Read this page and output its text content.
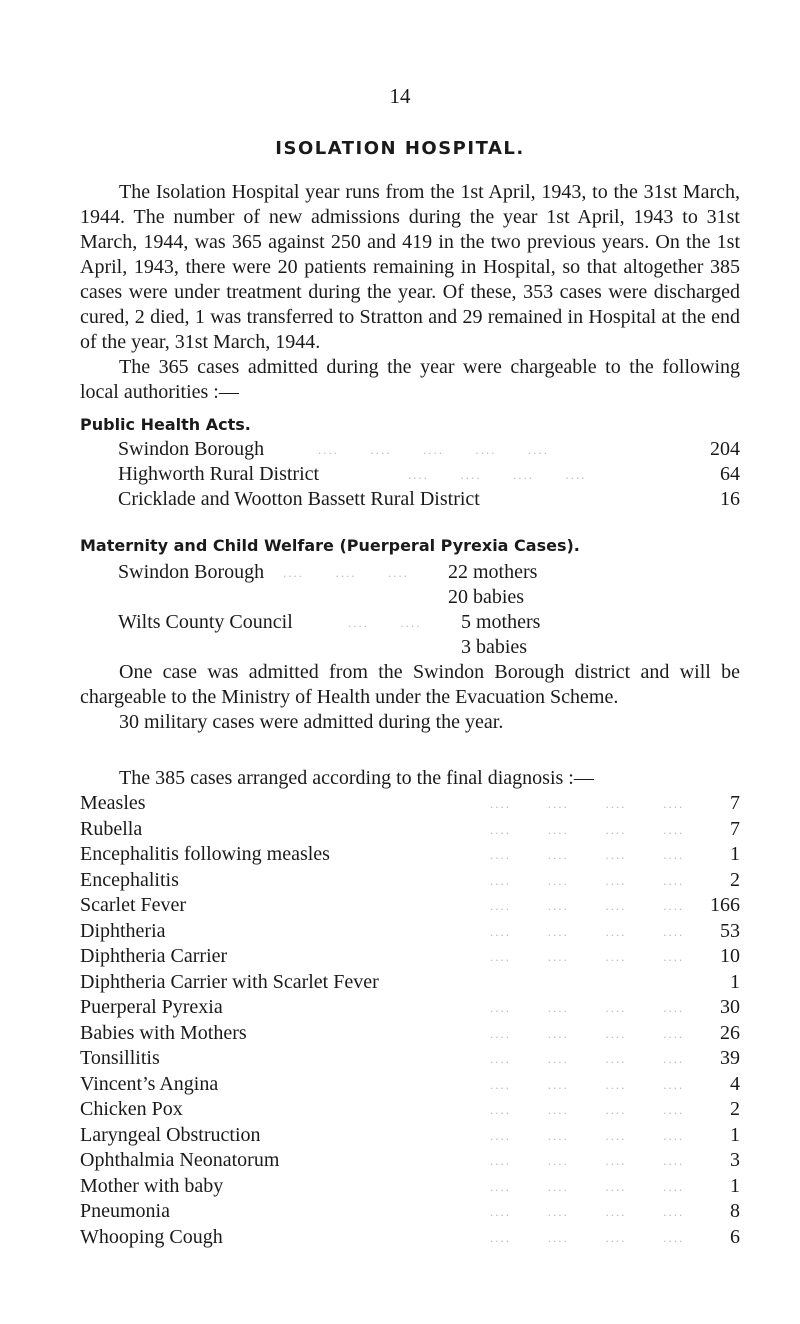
14
ISOLATION HOSPITAL.
The Isolation Hospital year runs from the 1st April, 1943, to the 31st March, 1944. The number of new admissions during the year 1st April, 1943 to 31st March, 1944, was 365 against 250 and 419 in the two previous years. On the 1st April, 1943, there were 20 patients remaining in Hospital, so that altogether 385 cases were under treatment during the year. Of these, 353 cases were discharged cured, 2 died, 1 was transferred to Stratton and 29 remained in Hospital at the end of the year, 31st March, 1944.
The 365 cases admitted during the year were chargeable to the following local authorities :—
Public Health Acts.
Swindon Borough	....      ....      ....      ....      ....	204
Highworth Rural District	....      ....      ....      ....	64
Cricklade and Wootton Bassett Rural District	16
Maternity and Child Welfare (Puerperal Pyrexia Cases).
Swindon Borough ....      ....      .... 22 mothers
20 babies
Wilts County Council	....      .... 5 mothers
3 babies
One case was admitted from the Swindon Borough district and will be chargeable to the Ministry of Health under the Evacuation Scheme.
30 military cases were admitted during the year.
The 385 cases arranged according to the final diagnosis :—
Measles	....       ....       ....       .... 7
Rubella	....       ....       ....       .... 7
Encephalitis following measles	....       ....       ....       .... 1
Encephalitis	....       ....       ....       .... 2
Scarlet Fever	....       ....       ....       .... 166
Diphtheria	....       ....       ....       .... 53
Diphtheria Carrier	....       ....       ....       .... 10
Diphtheria Carrier with Scarlet Fever	1
Puerperal Pyrexia	....       ....       ....       .... 30
Babies with Mothers	....       ....       ....       .... 26
Tonsillitis	....       ....       ....       .... 39
Vincent’s Angina	....       ....       ....       .... 4
Chicken Pox	....       ....       ....       .... 2
Laryngeal Obstruction	....       ....       ....       .... 1
Ophthalmia Neonatorum	....       ....       ....       .... 3
Mother with baby	....       ....       ....       .... 1
Pneumonia	....       ....       ....       .... 8
Whooping Cough	....       ....       ....       .... 6
